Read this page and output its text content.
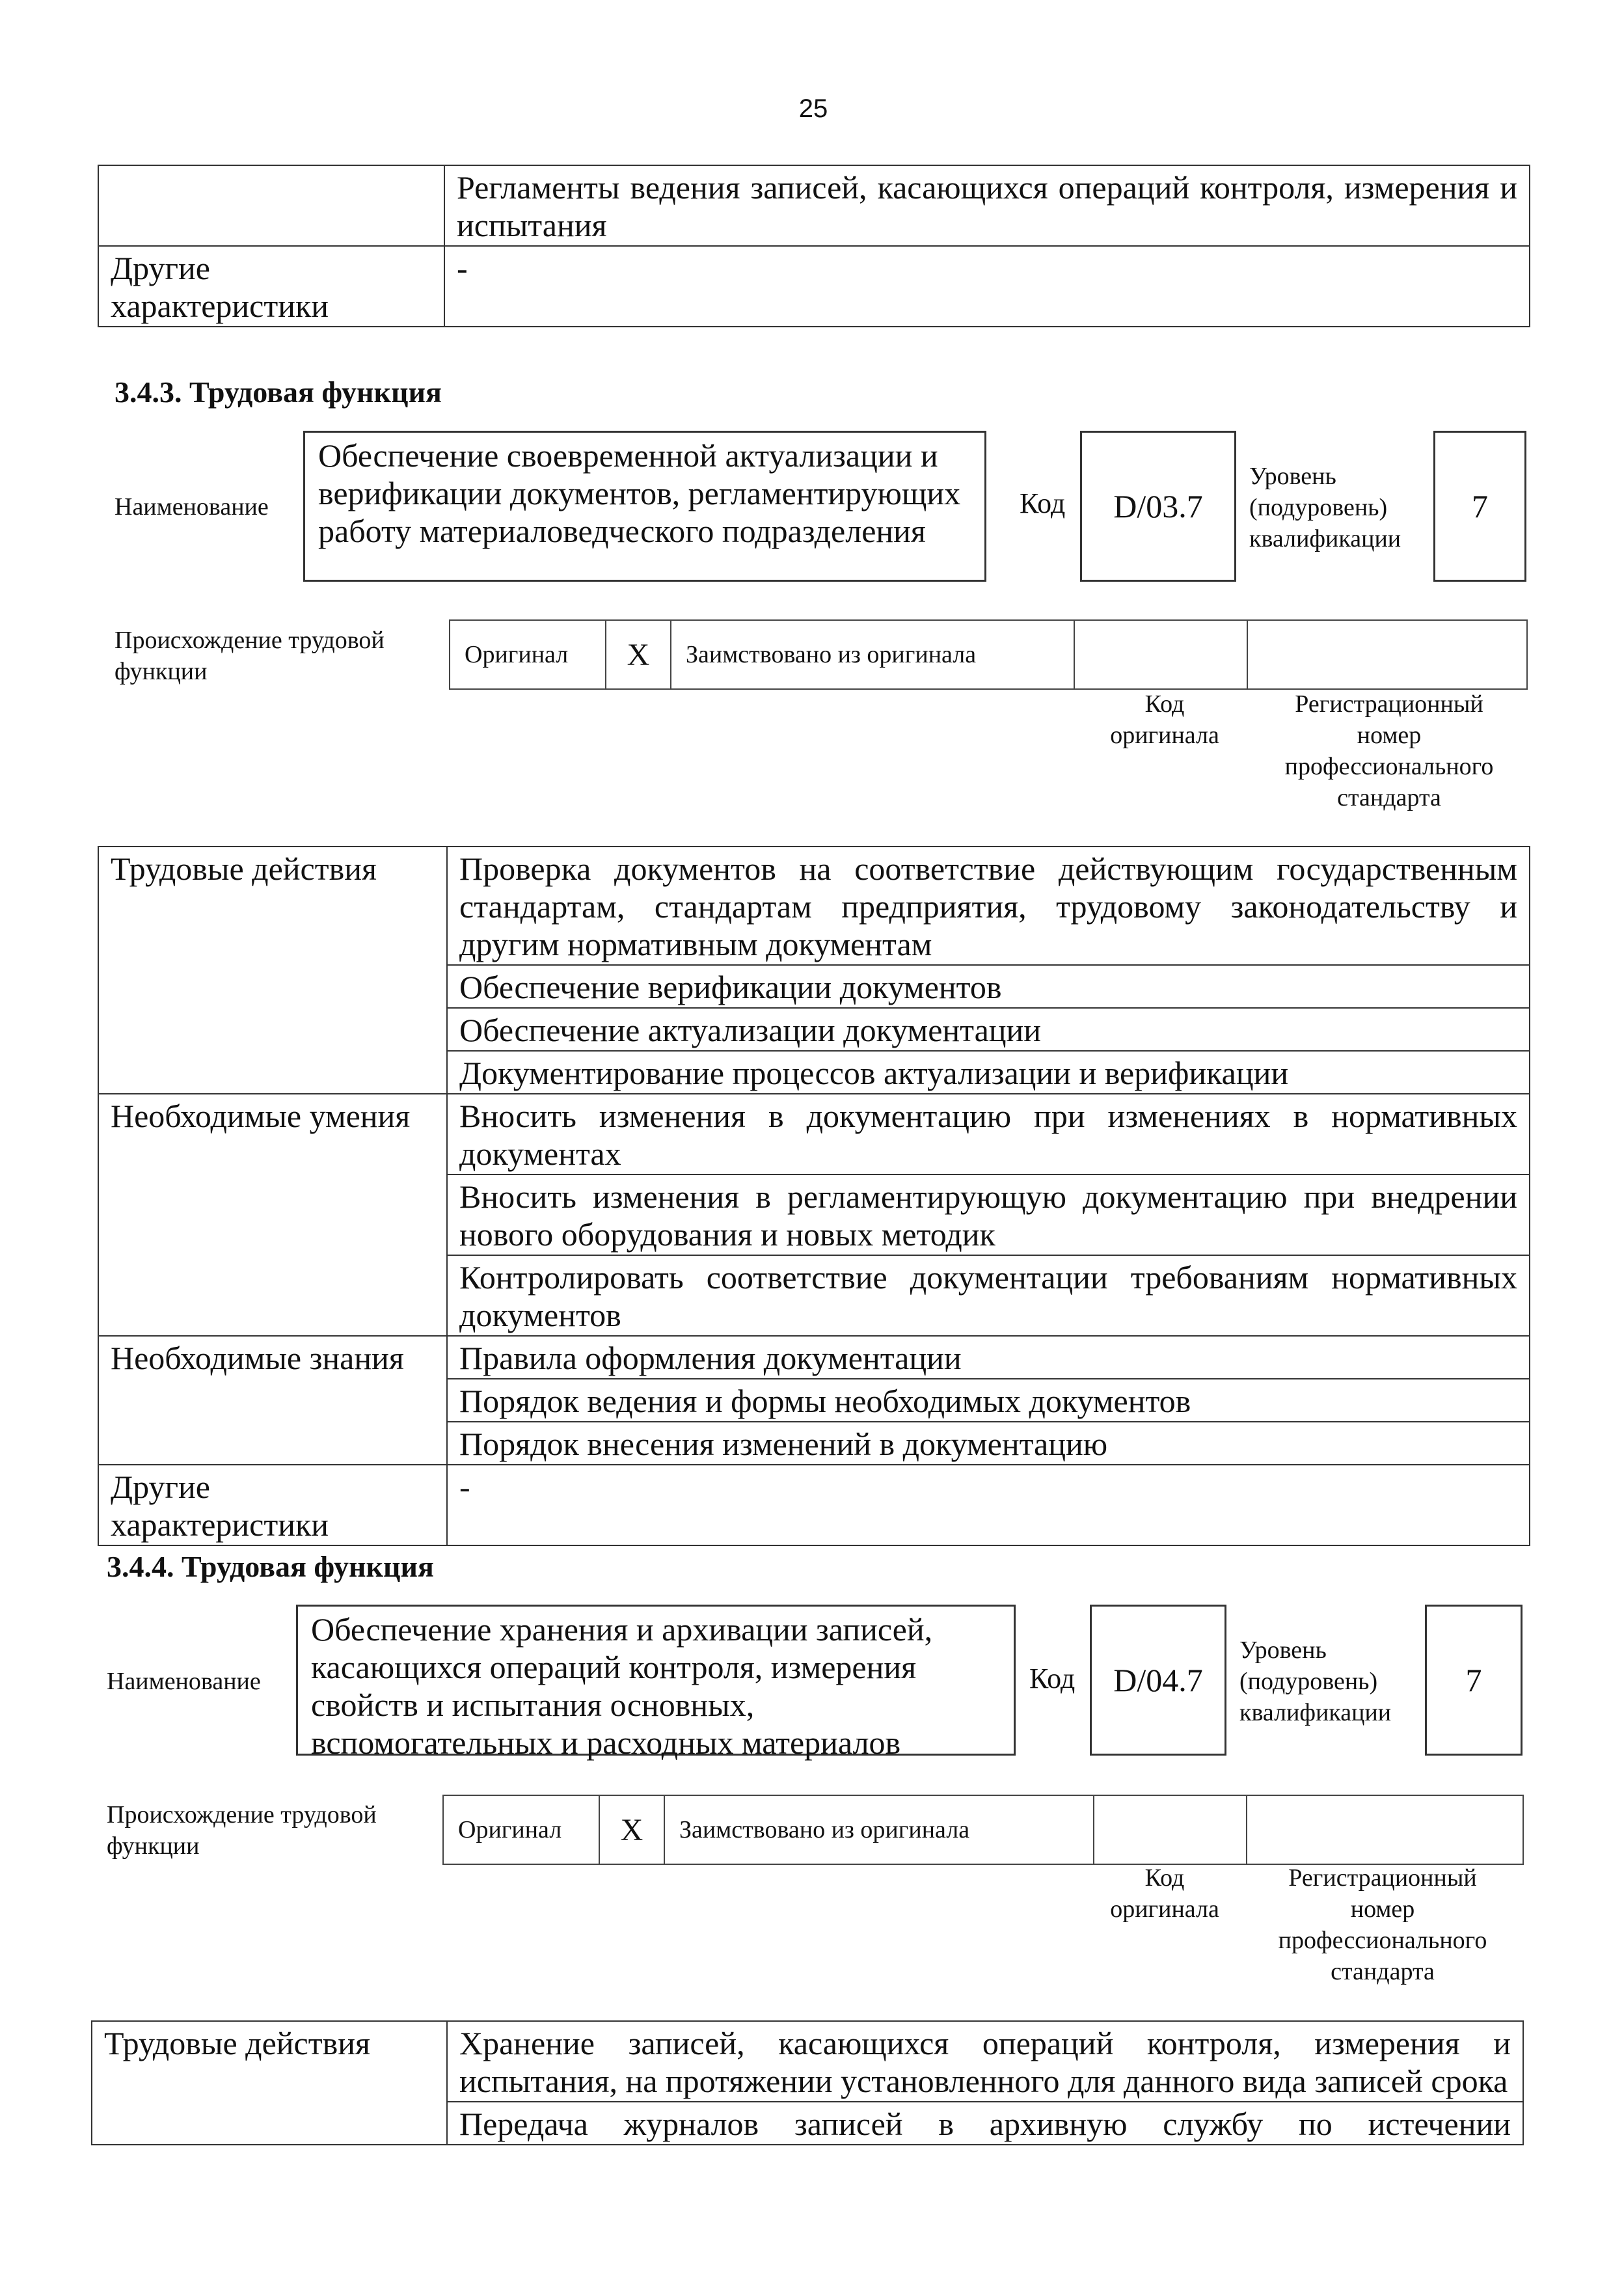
25
	Регламенты ведения записей, касающихся операций контроля, измерения и испытания
Другие характеристики	-
3.4.3. Трудовая функция
Наименование
Обеспечение своевременной актуализации и верификации документов, регламентирующих работу материаловедческого подразделения
Код D/03.7
Уровень (подуровень) квалификации
7
Происхождение трудовой функции
Оригинал	X	Заимствовано из оригинала		
Код оригинала
Регистрационный номер профессионального стандарта
Трудовые действия	Проверка документов на соответствие действующим государственным стандартам, стандартам предприятия, трудовому законодательству и другим нормативным документам
	Обеспечение верификации документов
	Обеспечение актуализации документации
	Документирование процессов актуализации и верификации
Необходимые умения	Вносить изменения в документацию при изменениях в нормативных документах
	Вносить изменения в регламентирующую документацию при внедрении нового оборудования и новых методик
	Контролировать соответствие документации требованиям нормативных документов
Необходимые знания	Правила оформления документации
	Порядок ведения и формы необходимых документов
	Порядок внесения изменений в документацию
Другие характеристики	-
3.4.4. Трудовая функция
Наименование
Обеспечение хранения и архивации записей, касающихся операций контроля, измерения свойств и испытания основных, вспомогательных и расходных материалов
Код D/04.7
Уровень (подуровень) квалификации
7
Происхождение трудовой функции
Оригинал	X	Заимствовано из оригинала		
Код оригинала
Регистрационный номер профессионального стандарта
Трудовые действия	Хранение записей, касающихся операций контроля, измерения и испытания, на протяжении установленного для данного вида записей срока
Передача журналов записей в архивную службу по истечении
